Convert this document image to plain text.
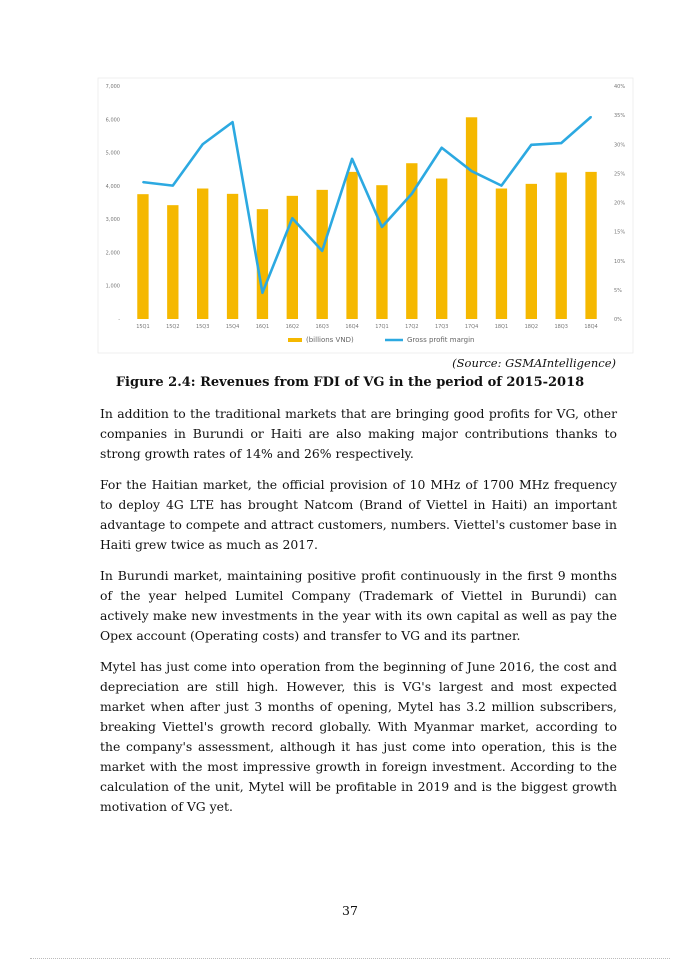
-
1,000
2,000
3,000
4,000
5,000
6,000
7,000
0%
5%
10%
15%
20%
25%
30%
35%
40%
15Q1	15Q2	15Q3	15Q4	16Q1	16Q2	16Q3	16Q4	17Q1	17Q2	17Q3	17Q4	18Q1	18Q2	18Q3	18Q4
(billions VND)	Gross profit margin
(Source: GSMAIntelligence)
Figure 2.4: Revenues from FDI of VG in the period of 2015-2018

In addition to the traditional markets that are bringing good profits for VG, other companies in Burundi or Haiti are also making major contributions thanks to strong growth rates of 14% and 26% respectively.

For the Haitian market, the official provision of 10 MHz of 1700 MHz frequency to deploy 4G LTE has brought Natcom (Brand of Viettel in Haiti) an important advantage to compete and attract customers, numbers. Viettel's customer base in Haiti grew twice as much as 2017.

In Burundi market, maintaining positive profit continuously in the first 9 months of the year helped Lumitel Company (Trademark of Viettel in Burundi) can actively make new investments in the year with its own capital as well as pay the Opex account (Operating costs) and transfer to VG and its partner.

Mytel has just come into operation from the beginning of June 2016, the cost and depreciation are still high. However, this is VG's largest and most expected market when after just 3 months of opening, Mytel has 3.2 million subscribers, breaking Viettel's growth record globally. With Myanmar market, according to the company's assessment, although it has just come into operation, this is the market with the most impressive growth in foreign investment. According to the calculation of the unit, Mytel will be profitable in 2019 and is the biggest growth motivation of VG yet.

37
